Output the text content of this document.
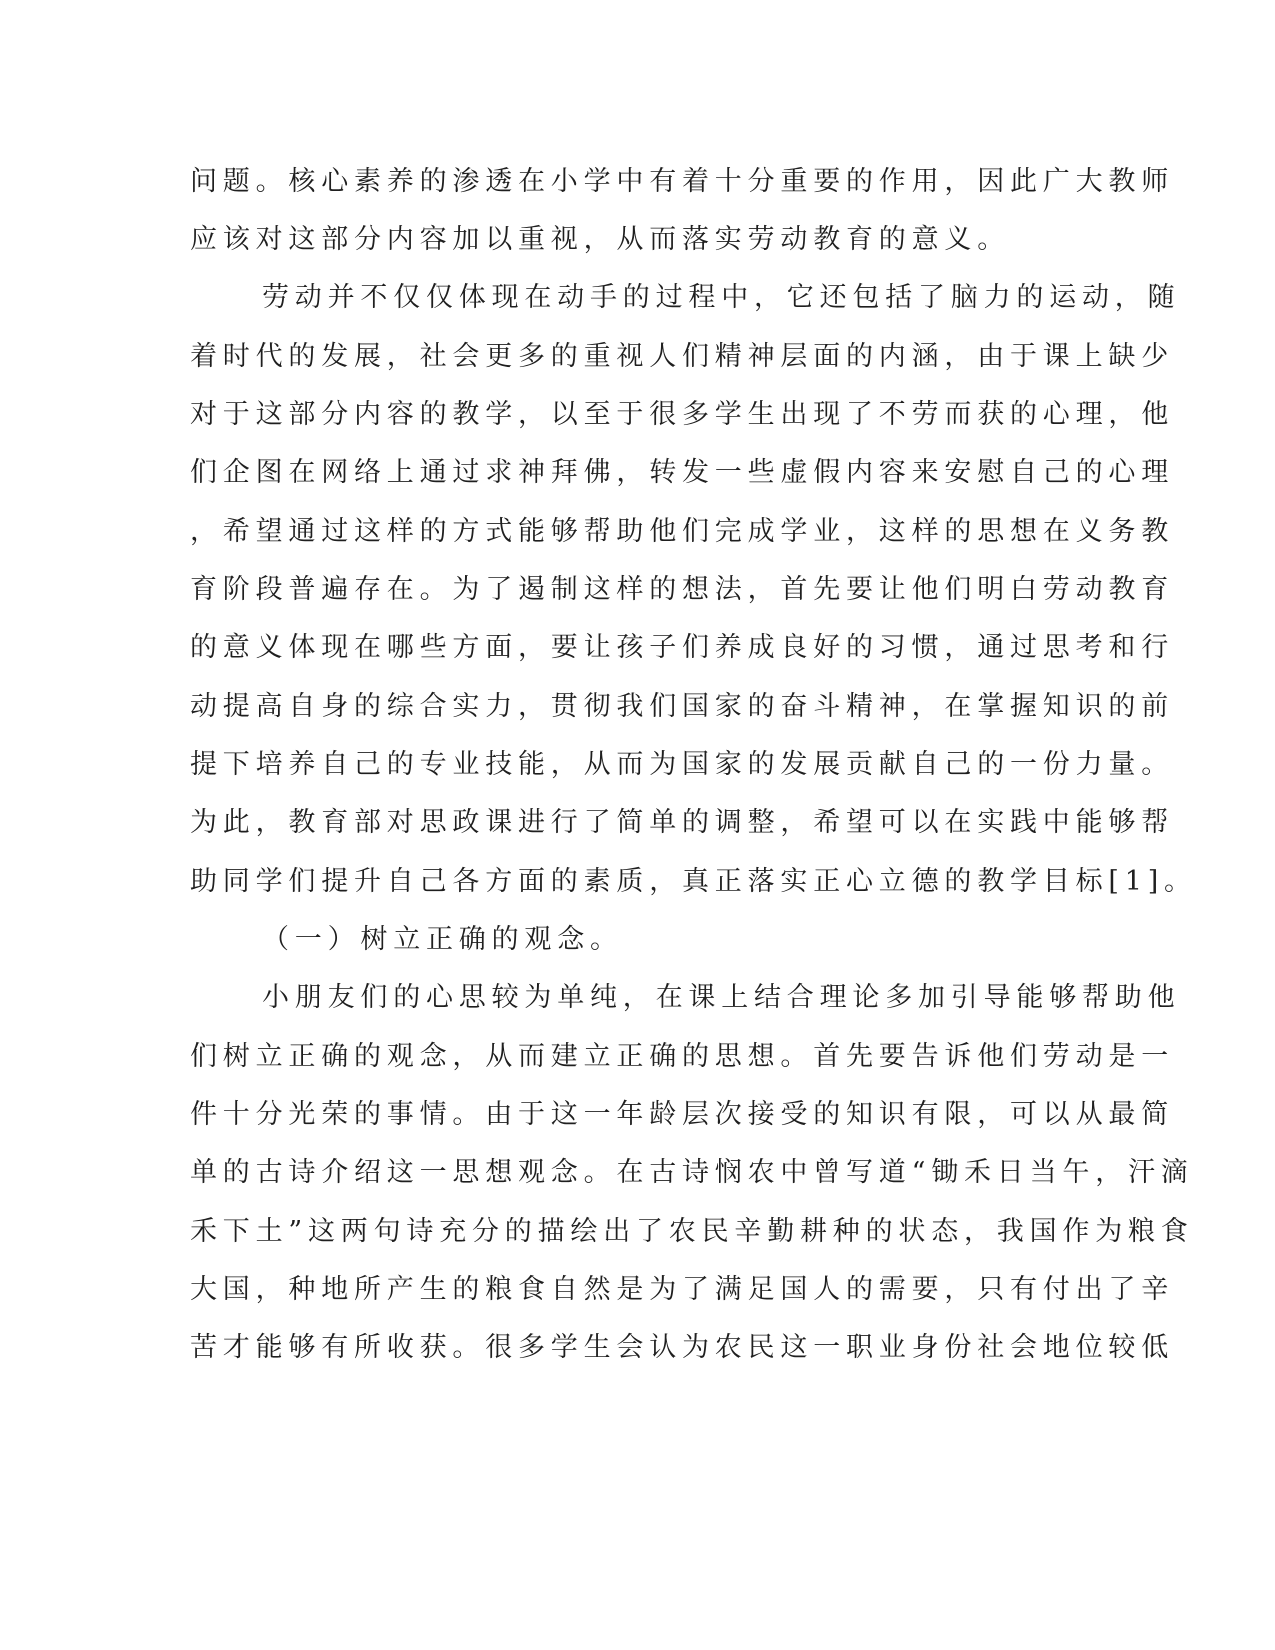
问题。核心素养的渗透在小学中有着十分重要的作用，因此广大教师
应该对这部分内容加以重视，从而落实劳动教育的意义。
劳动并不仅仅体现在动手的过程中，它还包括了脑力的运动，随
着时代的发展，社会更多的重视人们精神层面的内涵，由于课上缺少
对于这部分内容的教学，以至于很多学生出现了不劳而获的心理，他
们企图在网络上通过求神拜佛，转发一些虚假内容来安慰自己的心理
，希望通过这样的方式能够帮助他们完成学业，这样的思想在义务教
育阶段普遍存在。为了遏制这样的想法，首先要让他们明白劳动教育
的意义体现在哪些方面，要让孩子们养成良好的习惯，通过思考和行
动提高自身的综合实力，贯彻我们国家的奋斗精神，在掌握知识的前
提下培养自己的专业技能，从而为国家的发展贡献自己的一份力量。
为此，教育部对思政课进行了简单的调整，希望可以在实践中能够帮
助同学们提升自己各方面的素质，真正落实正心立德的教学目标[1]。
（一）树立正确的观念。
小朋友们的心思较为单纯，在课上结合理论多加引导能够帮助他
们树立正确的观念，从而建立正确的思想。首先要告诉他们劳动是一
件十分光荣的事情。由于这一年龄层次接受的知识有限，可以从最简
单的古诗介绍这一思想观念。在古诗悯农中曾写道“锄禾日当午，汗滴
禾下土”这两句诗充分的描绘出了农民辛勤耕种的状态，我国作为粮食
大国，种地所产生的粮食自然是为了满足国人的需要，只有付出了辛
苦才能够有所收获。很多学生会认为农民这一职业身份社会地位较低
